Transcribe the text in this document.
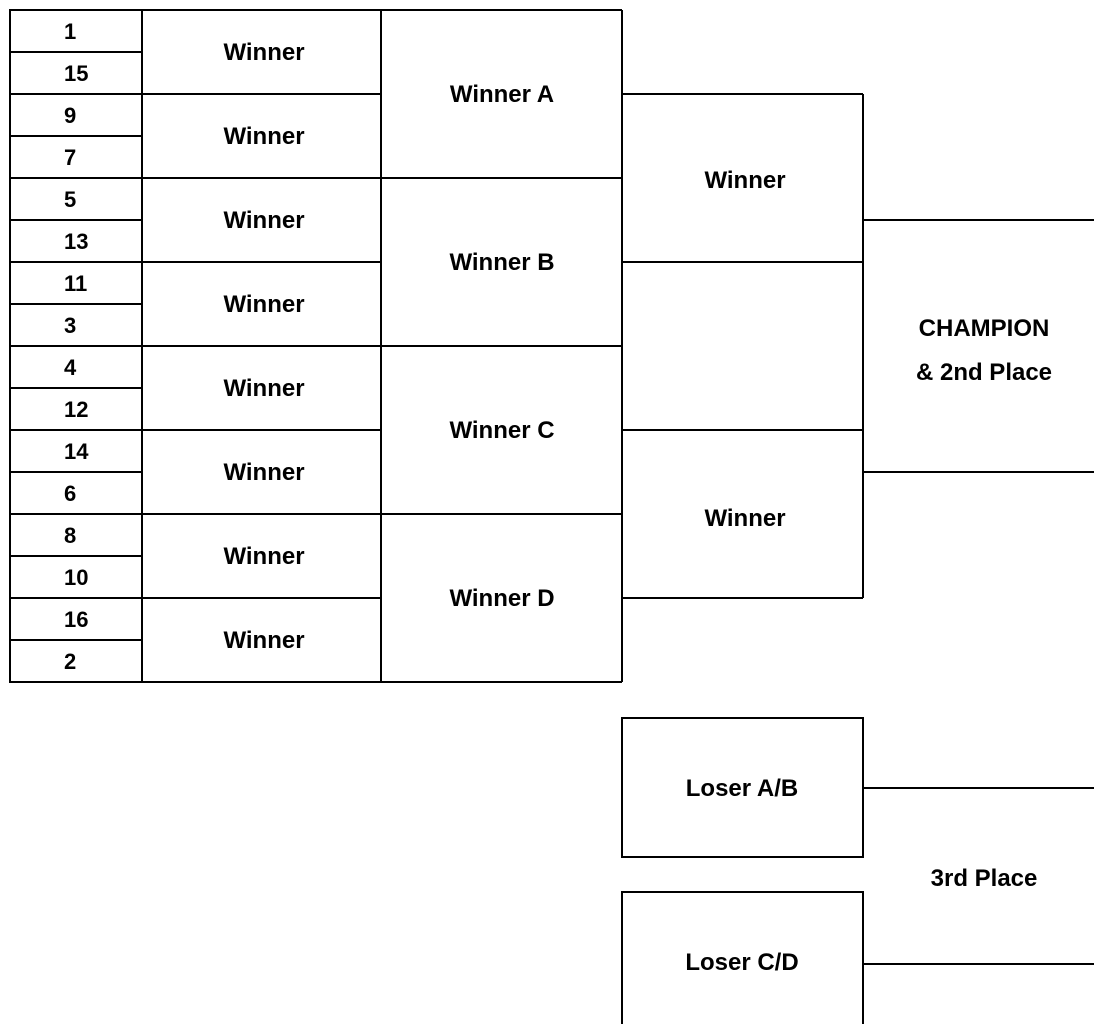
1
15
9
7
5
13
11
3
4
12
14
6
8
10
16
2
Winner
Winner
Winner
Winner
Winner
Winner
Winner
Winner
Winner A
Winner B
Winner C
Winner D
Winner
Winner
CHAMPION
& 2nd Place
Loser A/B
Loser C/D
3rd Place
